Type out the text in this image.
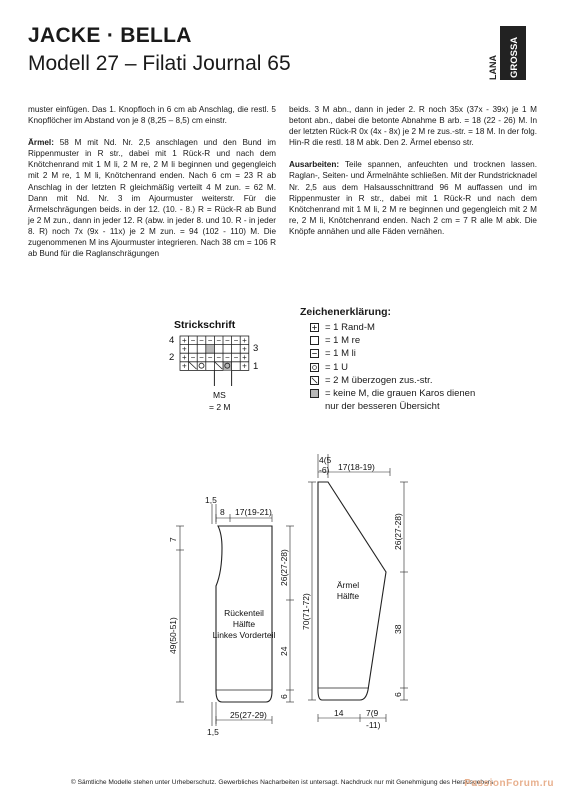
JACKE · BELLA
Modell 27 – Filati Journal 65	LANA GROSSA

muster einfügen. Das 1. Knopfloch in 6 cm ab Anschlag, die restl. 5 Knopflöcher im Abstand von je 8 (8,25 – 8,5) cm einstr.

Ärmel: 58 M mit Nd. Nr. 2,5 anschlagen und den Bund im Rippenmuster in R str., dabei mit 1 Rück-R und nach dem Knötchenrand mit 1 M li, 2 M re, 2 M li beginnen und gegengleich mit 2 M re, 1 M li, Knötchenrand enden. Nach 6 cm = 23 R ab Anschlag in der letzten R gleichmäßig verteilt 4 M zun. = 62 M. Dann mit Nd. Nr. 3 im Ajourmuster weiterstr. Für die Ärmelschrägungen beids. in der 12. (10. - 8.) R = Rück-R ab Bund je 2 M zun., dann in jeder 12. R (abw. in jeder 8. und 10. R - in jeder 8. R) noch 7x (9x - 11x) je 2 M zun. = 94 (102 - 110) M. Die zugenommenen M ins Ajourmuster integrieren. Nach 38 cm = 106 R ab Bund für die Raglanschrägungen

beids. 3 M abn., dann in jeder 2. R noch 35x (37x - 39x) je 1 M betont abn., dabei die betonte Abnahme B arb. = 18 (22 - 26) M. In der letzten Rück-R 0x (4x - 8x) je 2 M re zus.-str. = 18 M. In der folg. Hin-R die restl. 18 M abk. Den 2. Ärmel ebenso str.

Ausarbeiten: Teile spannen, anfeuchten und trocknen lassen. Raglan-, Seiten- und Ärmelnähte schließen. Mit der Rundstricknadel Nr. 2,5 aus dem Halsausschnittrand 96 M auffassen und im Rippenmuster in R str., dabei mit 1 Rück-R und nach dem Knötchenrand mit 1 M li, 2 M re beginnen und gegengleich mit 2 M re, 2 M li, Knötchenrand enden. Nach 2 cm = 7 R alle M abk. Die Knöpfe annähen und alle Fäden vernähen.

Strickschrift
+ − − − − − − +
+	+
+ − − − − − − +
+	+
4
2
3
1
MS
= 2 M
Zeichenerklärung:
= 1 Rand-M
= 1 M re
= 1 M li
= 1 U
= 2 M überzogen zus.-str.
= keine M, die grauen Karos dienen
nur der besseren Übersicht
1,5
8 17(19-21)
25(27-29)
1,5
Rückenteil
Hälfte
Linkes Vorderteil
7
49(50-51)
26(27-28)
24
6
4(5
-6) 17(18-19)
Ärmel
Hälfte
70(71-72)
26(27-28)
38
6
14	7(9
-11)
© Sämtliche Modelle stehen unter Urheberschutz. Gewerbliches Nacharbeiten ist untersagt. Nachdruck nur mit Genehmigung des Herausgebers.
PassionForum.ru
